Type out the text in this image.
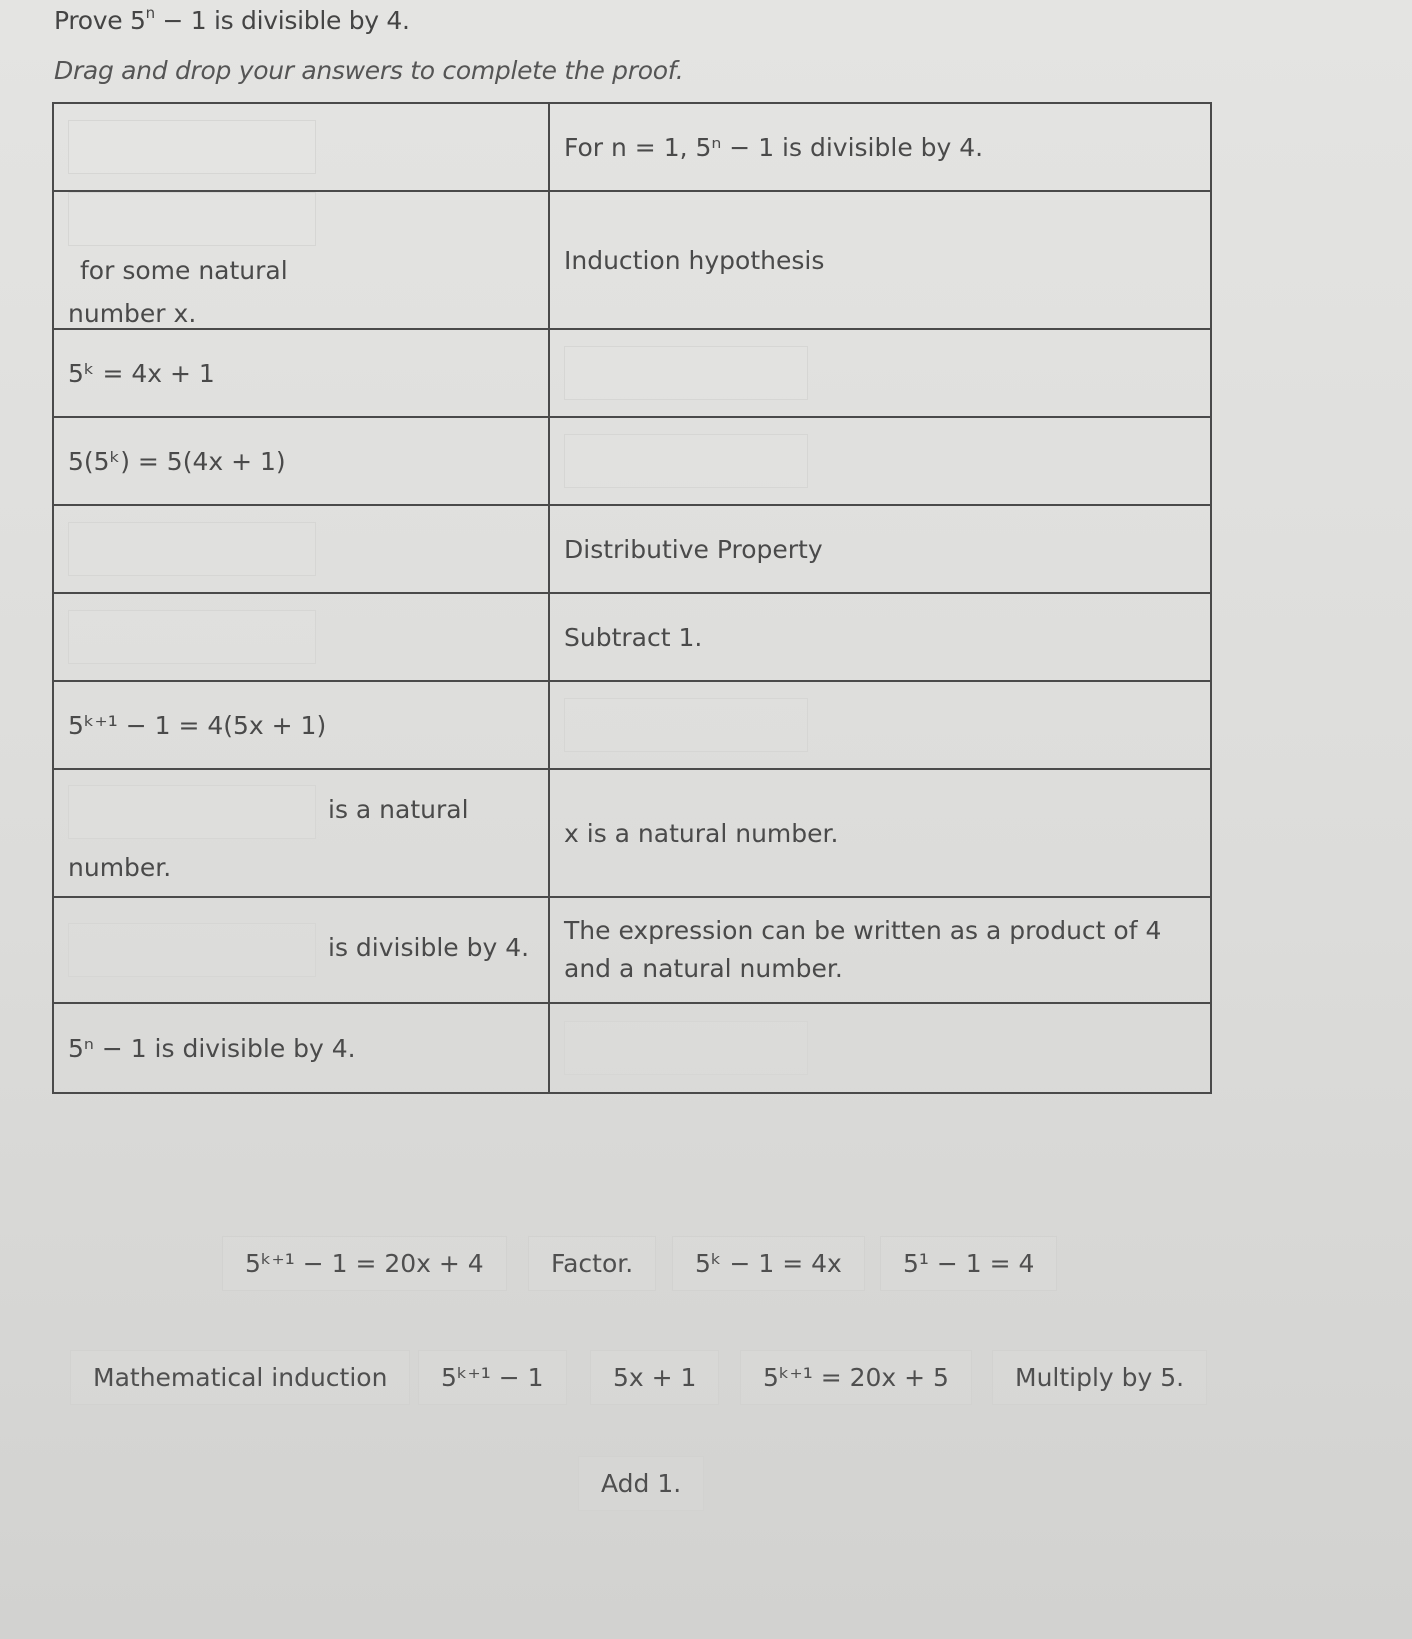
Prove $5^n - 1$ is divisible by 4.
Drag and drop your answers to complete the proof.
	For n = 1, 5ⁿ − 1 is divisible by 4.
for some natural
number x.	Induction hypothesis
5ᵏ = 4x + 1	
5(5ᵏ) = 5(4x + 1)	
	Distributive Property
	Subtract 1.
5ᵏ⁺¹ − 1 = 4(5x + 1)	
is a natural
number.	x is a natural number.
is divisible by 4.	The expression can be written as a product of 4 and a natural number.
5ⁿ − 1 is divisible by 4.	
5ᵏ⁺¹ − 1 = 20x + 4	Factor.	5ᵏ − 1 = 4x	5¹ − 1 = 4
Mathematical induction	5ᵏ⁺¹ − 1	5x + 1	5ᵏ⁺¹ = 20x + 5	Multiply by 5.
Add 1.
